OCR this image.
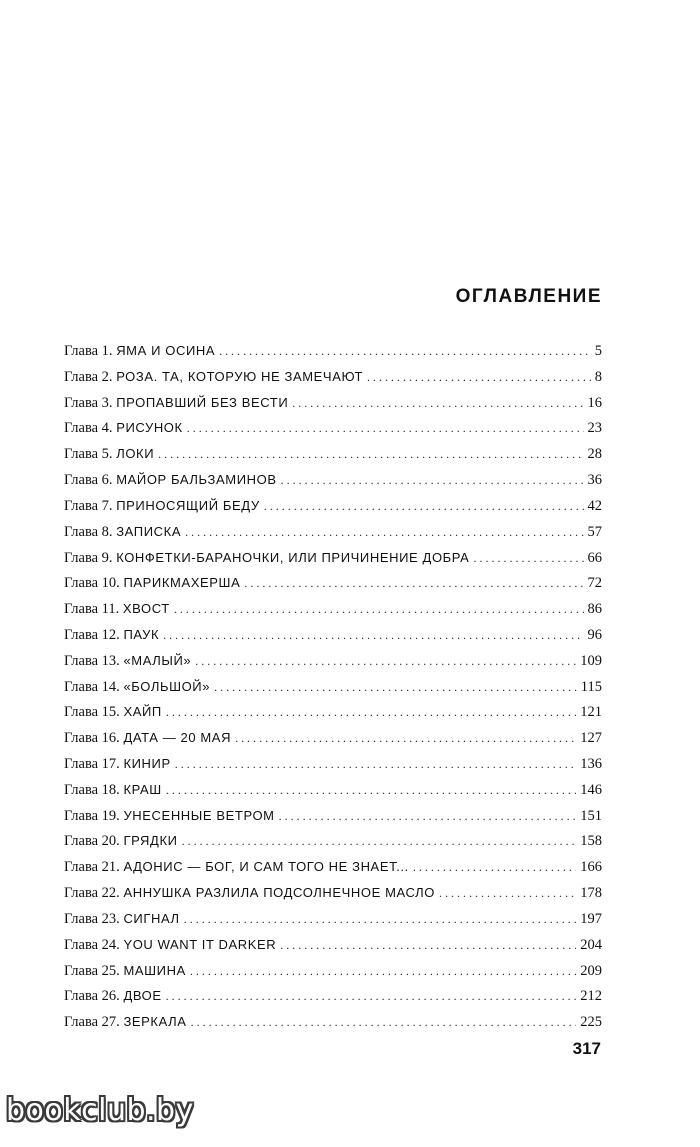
ОГЛАВЛЕНИЕ
Глава 1. ЯМА И ОСИНА . . .	5
Глава 2. РОЗА. ТА, КОТОРУЮ НЕ ЗАМЕЧАЮТ . . .	8
Глава 3. ПРОПАВШИЙ БЕЗ ВЕСТИ . . .	16
Глава 4. РИСУНОК . . .	23
Глава 5. ЛОКИ . . .	28
Глава 6. МАЙОР БАЛЬЗАМИНОВ . . .	36
Глава 7. ПРИНОСЯЩИЙ БЕДУ . . .	42
Глава 8. ЗАПИСКА . . .	57
Глава 9. КОНФЕТКИ-БАРАНОЧКИ, ИЛИ ПРИЧИНЕНИЕ ДОБРА . . .	66
Глава 10. ПАРИКМАХЕРША . . .	72
Глава 11. ХВОСТ . . .	86
Глава 12. ПАУК . . .	96
Глава 13. «МАЛЫЙ» . . .	109
Глава 14. «БОЛЬШОЙ» . . .	115
Глава 15. ХАЙП . . .	121
Глава 16. ДАТА — 20 МАЯ . . .	127
Глава 17. КИНИР . . .	136
Глава 18. КРАШ . . .	146
Глава 19. УНЕСЕННЫЕ ВЕТРОМ . . .	151
Глава 20. ГРЯДКИ . . .	158
Глава 21. АДОНИС — БОГ, И САМ ТОГО НЕ ЗНАЕТ... . . .	166
Глава 22. АННУШКА РАЗЛИЛА ПОДСОЛНЕЧНОЕ МАСЛО . . .	178
Глава 23. СИГНАЛ . . .	197
Глава 24. YOU WANT IT DARKER . . .	204
Глава 25. МАШИНА . . .	209
Глава 26. ДВОЕ . . .	212
Глава 27. ЗЕРКАЛА . . .	225
317
bookclub.by
